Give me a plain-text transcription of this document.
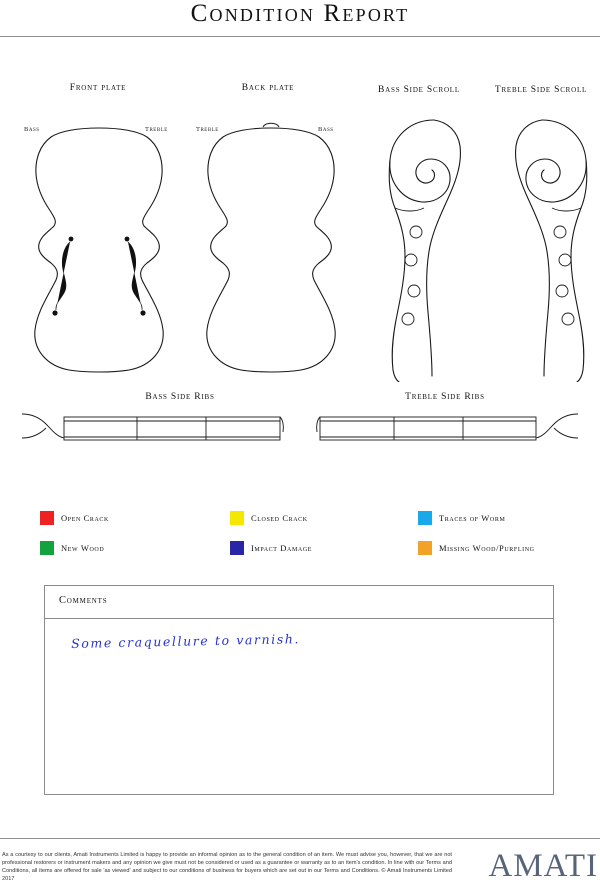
Condition Report
Front plate	Back plate	Bass Side Scroll	Treble Side Scroll
Bass	Treble	Treble	Bass
Bass Side Ribs	Treble Side Ribs
Open Crack	Closed Crack	Traces of Worm
New Wood	Impact Damage	Missing Wood/Purfling
Comments
Some craquellure to varnish.
As a courtesy to our clients, Amati Instruments Limited is happy to provide an informal opinion as to the general condition of an item. We must advise you, however, that we are not professional restorers or instrument makers and any opinion we give must not be considered or used as a guarantee or warranty as to an item's condition. In line with our Terms and Conditions, all items are offered for sale 'as viewed' and subject to our conditions of business for buyers which are set out in our Terms and Conditions. © Amati Instruments Limited 2017	AMATI
